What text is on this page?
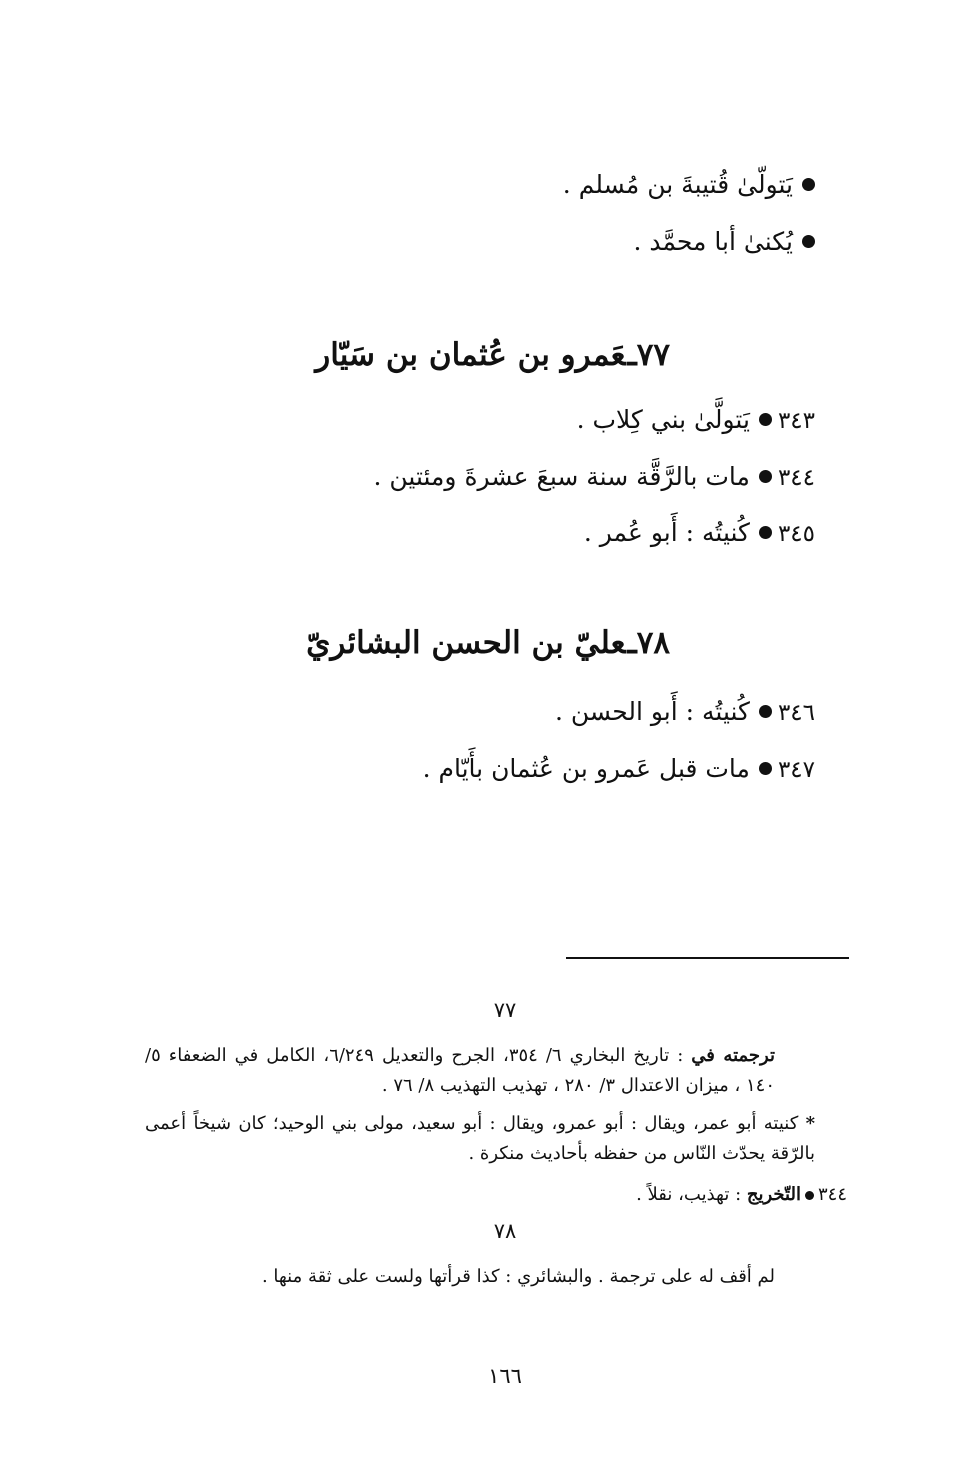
يَتولّىٰ قُتيبةَ بن مُسلم .
يُكنىٰ أبا محمَّد .
٧٧ـعَمرو بن عُثمان بن سَيّار
٣٤٣يَتولَّىٰ بني كِلاب .
٣٤٤مات بالرَّقَّة سنة سبعَ عشرةَ ومئتين .
٣٤٥كُنيتُه : أَبو عُمر .
٧٨ـعليّ بن الحسن البشائريّ
٣٤٦كُنيتُه : أَبو الحسن .
٣٤٧مات قبل عَمرو بن عُثمان بأَيّام .
٧٧
ترجمته في : تاريخ البخاري ٦/ ٣٥٤، الجرح والتعديل ٦/٢٤٩، الكامل في الضعفاء ٥/ ١٤٠ ، ميزان الاعتدال ٣/ ٢٨٠ ، تهذيب التهذيب ٨/ ٧٦ .
* كنيته أبو عمر، ويقال : أبو عمرو، ويقال : أبو سعيد، مولى بني الوحيد؛ كان شيخاً أعمى بالرّقة يحدّث النّاس من حفظه بأحاديث منكرة .
٣٤٤التّخريج : تهذيب، نقلاً .
٧٨
لم أقف له على ترجمة . والبشائري : كذا قرأتها ولست على ثقة منها .
١٦٦
